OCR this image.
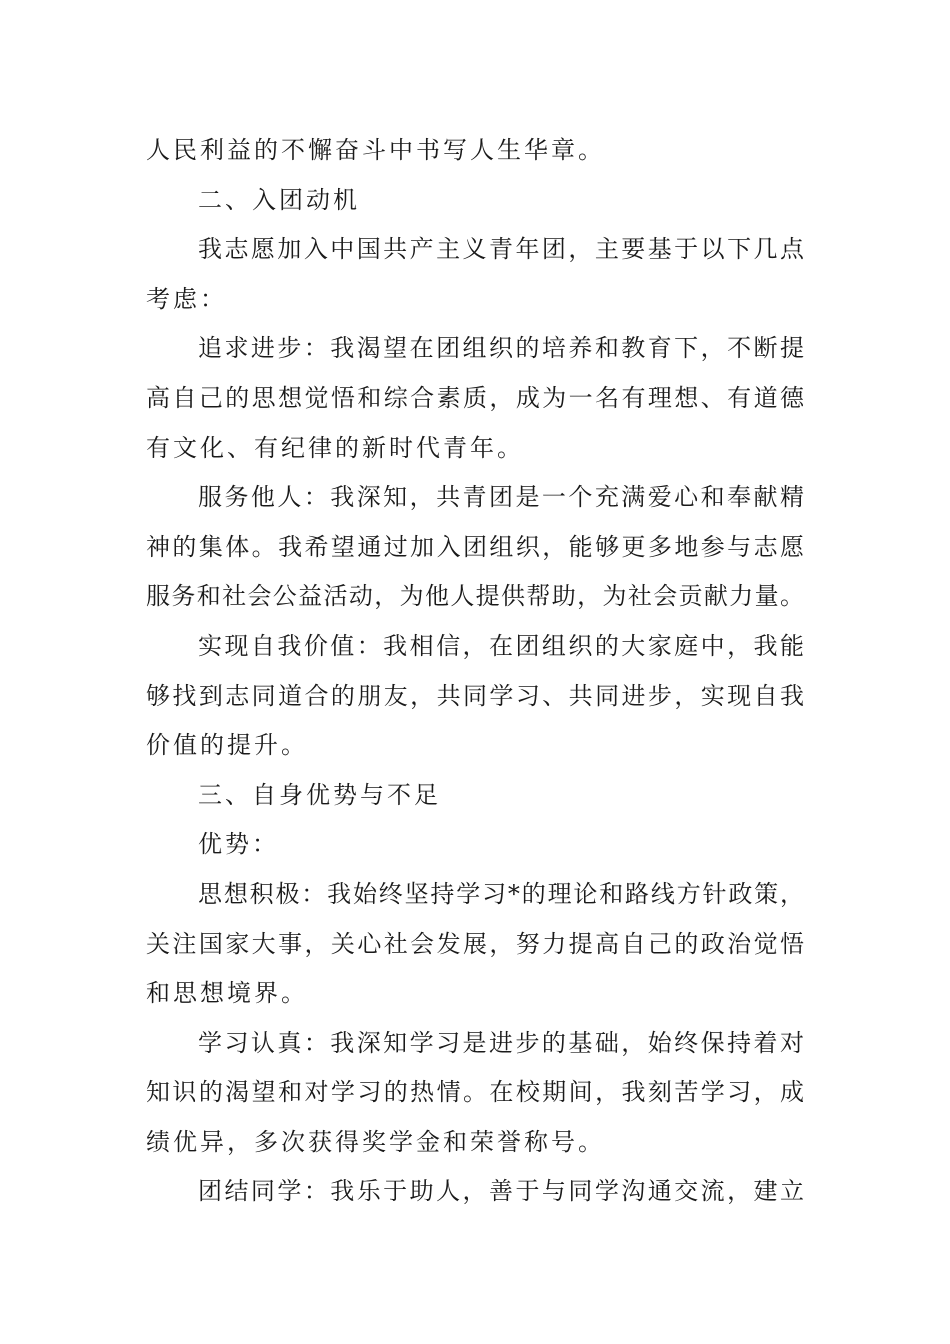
人民利益的不懈奋斗中书写人生华章。
二、入团动机
我志愿加入中国共产主义青年团，主要基于以下几点
考虑：
追求进步：我渴望在团组织的培养和教育下，不断提
高自己的思想觉悟和综合素质，成为一名有理想、有道德
有文化、有纪律的新时代青年。
服务他人：我深知，共青团是一个充满爱心和奉献精
神的集体。我希望通过加入团组织，能够更多地参与志愿
服务和社会公益活动，为他人提供帮助，为社会贡献力量。
实现自我价值：我相信，在团组织的大家庭中，我能
够找到志同道合的朋友，共同学习、共同进步，实现自我
价值的提升。
三、自身优势与不足
优势：
思想积极：我始终坚持学习*的理论和路线方针政策，
关注国家大事，关心社会发展，努力提高自己的政治觉悟
和思想境界。
学习认真：我深知学习是进步的基础，始终保持着对
知识的渴望和对学习的热情。在校期间，我刻苦学习，成
绩优异，多次获得奖学金和荣誉称号。
团结同学：我乐于助人，善于与同学沟通交流，建立
